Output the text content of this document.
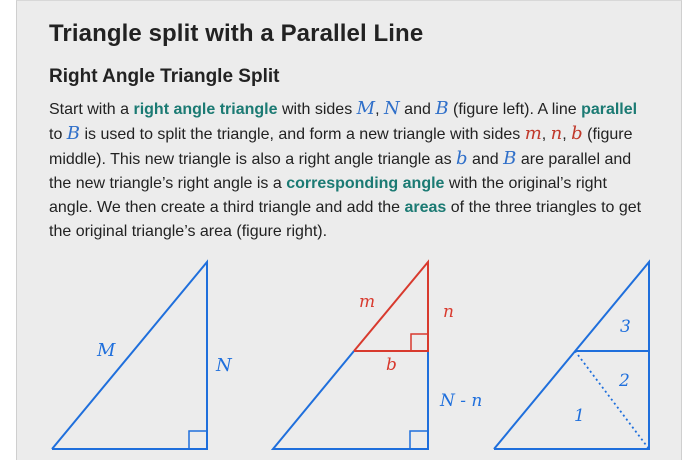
Triangle split with a Parallel Line
Right Angle Triangle Split

Start with a right angle triangle with sides M, N and B (figure left). A line parallel to B is used to split the triangle, and form a new triangle with sides m, n, b (figure middle). This new triangle is also a right angle triangle as b and B are parallel and the new triangle’s right angle is a corresponding angle with the original’s right angle. We then create a third triangle and add the areas of the three triangles to get the original triangle’s area (figure right).

M
N
m	n
b
N - n
3
2
1
